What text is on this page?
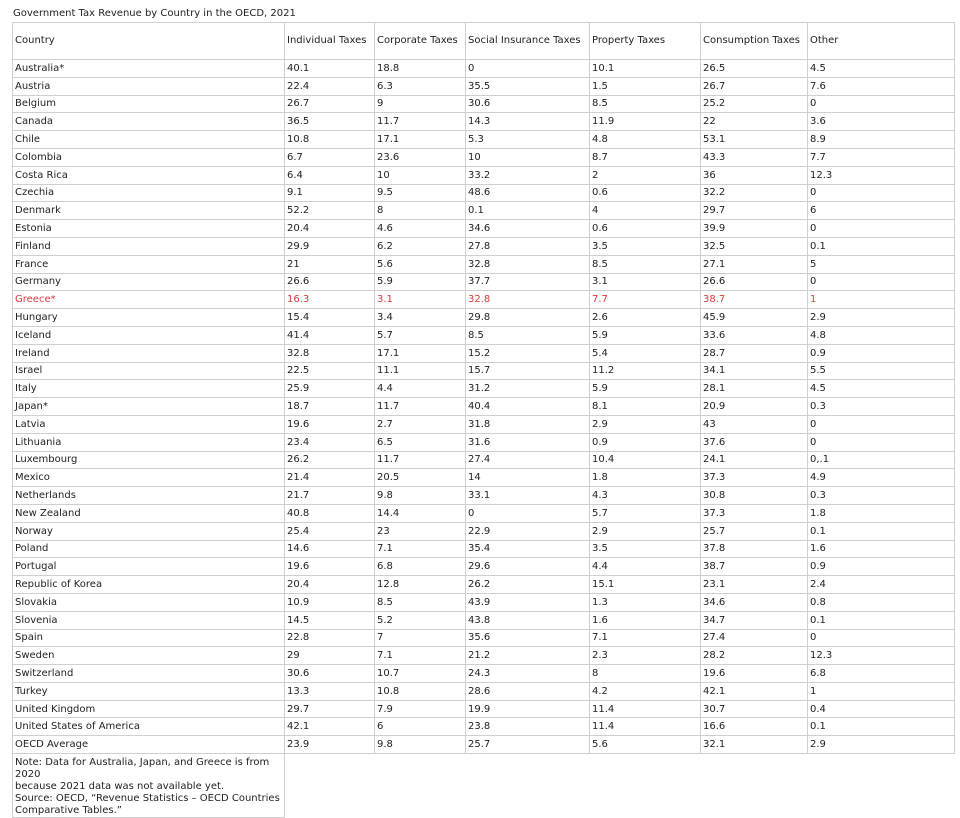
Government Tax Revenue by Country in the OECD, 2021
Country	Individual Taxes	Corporate Taxes	Social Insurance Taxes	Property Taxes	Consumption Taxes	Other
Australia*	40.1	18.8	0	10.1	26.5	4.5
Austria	22.4	6.3	35.5	1.5	26.7	7.6
Belgium	26.7	9	30.6	8.5	25.2	0
Canada	36.5	11.7	14.3	11.9	22	3.6
Chile	10.8	17.1	5.3	4.8	53.1	8.9
Colombia	6.7	23.6	10	8.7	43.3	7.7
Costa Rica	6.4	10	33.2	2	36	12.3
Czechia	9.1	9.5	48.6	0.6	32.2	0
Denmark	52.2	8	0.1	4	29.7	6
Estonia	20.4	4.6	34.6	0.6	39.9	0
Finland	29.9	6.2	27.8	3.5	32.5	0.1
France	21	5.6	32.8	8.5	27.1	5
Germany	26.6	5.9	37.7	3.1	26.6	0
Greece*	16.3	3.1	32.8	7.7	38.7	1
Hungary	15.4	3.4	29.8	2.6	45.9	2.9
Iceland	41.4	5.7	8.5	5.9	33.6	4.8
Ireland	32.8	17.1	15.2	5.4	28.7	0.9
Israel	22.5	11.1	15.7	11.2	34.1	5.5
Italy	25.9	4.4	31.2	5.9	28.1	4.5
Japan*	18.7	11.7	40.4	8.1	20.9	0.3
Latvia	19.6	2.7	31.8	2.9	43	0
Lithuania	23.4	6.5	31.6	0.9	37.6	0
Luxembourg	26.2	11.7	27.4	10.4	24.1	0,.1
Mexico	21.4	20.5	14	1.8	37.3	4.9
Netherlands	21.7	9.8	33.1	4.3	30.8	0.3
New Zealand	40.8	14.4	0	5.7	37.3	1.8
Norway	25.4	23	22.9	2.9	25.7	0.1
Poland	14.6	7.1	35.4	3.5	37.8	1.6
Portugal	19.6	6.8	29.6	4.4	38.7	0.9
Republic of Korea	20.4	12.8	26.2	15.1	23.1	2.4
Slovakia	10.9	8.5	43.9	1.3	34.6	0.8
Slovenia	14.5	5.2	43.8	1.6	34.7	0.1
Spain	22.8	7	35.6	7.1	27.4	0
Sweden	29	7.1	21.2	2.3	28.2	12.3
Switzerland	30.6	10.7	24.3	8	19.6	6.8
Turkey	13.3	10.8	28.6	4.2	42.1	1
United Kingdom	29.7	7.9	19.9	11.4	30.7	0.4
United States of America	42.1	6	23.8	11.4	16.6	0.1
OECD Average	23.9	9.8	25.7	5.6	32.1	2.9

Note: Data for Australia, Japan, and Greece is from 2020
because 2021 data was not available yet.
Source: OECD, “Revenue Statistics – OECD Countries
Comparative Tables.”						
